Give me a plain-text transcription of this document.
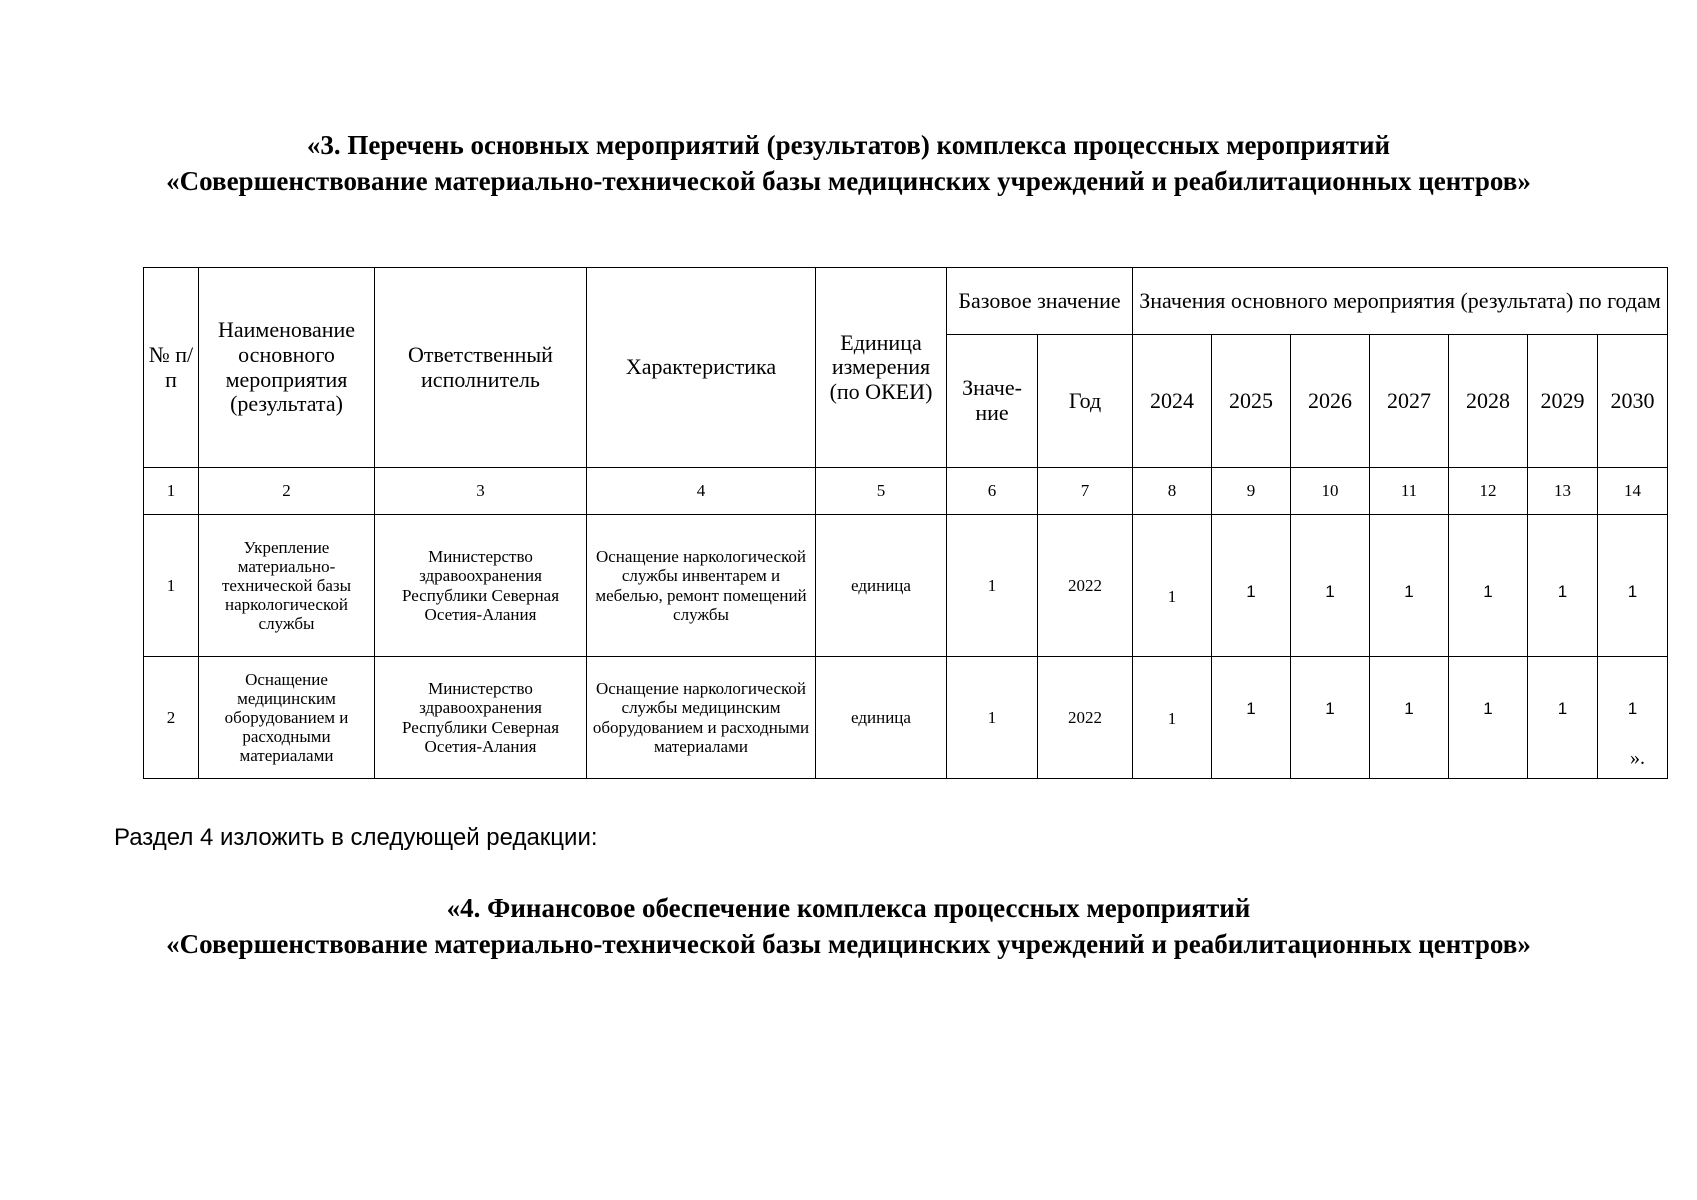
«3. Перечень основных мероприятий (результатов) комплекса процессных мероприятий
«Совершенствование материально-технической базы медицинских учреждений и реабилитационных центров»
№ п/п	Наименование основного мероприятия (результата)	Ответственный исполнитель	Характеристика	Единица измерения (по ОКЕИ)	Базовое значение		Значения основного мероприятия (результата) по годам						
					Значе-ние	Год	2024	2025	2026	2027	2028	2029	2030
1	2	3	4	5	6	7	8	9	10	11	12	13	14
1	Укрепление материально-технической базы наркологической службы	Министерство здравоохранения Республики Северная Осетия-Алания	Оснащение наркологической службы инвентарем и мебелью, ремонт помещений службы	единица	1	2022	1	1	1	1	1	1	1
2	Оснащение медицинским оборудованием и расходными материалами	Министерство здравоохранения Республики Северная Осетия-Алания	Оснащение наркологической службы медицинским оборудованием и расходными материалами	единица	1	2022	1	1	1	1	1	1	1
».
Раздел 4 изложить в следующей редакции:
«4. Финансовое обеспечение комплекса процессных мероприятий
«Совершенствование материально-технической базы медицинских учреждений и реабилитационных центров»
